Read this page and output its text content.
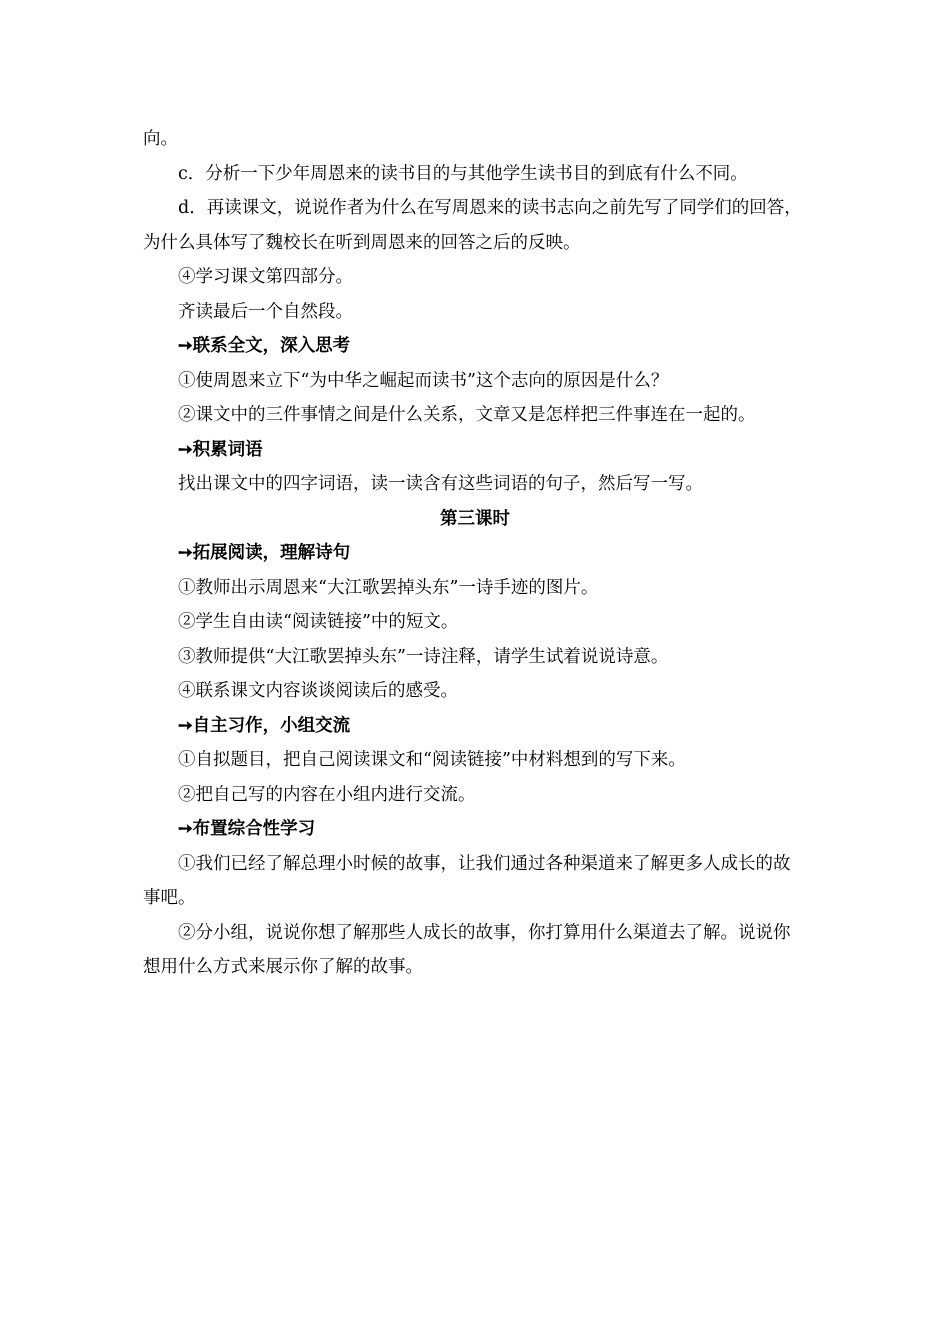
向。

c．分析一下少年周恩来的读书目的与其他学生读书目的到底有什么不同。

d．再读课文，说说作者为什么在写周恩来的读书志向之前先写了同学们的回答，为什么具体写了魏校长在听到周恩来的回答之后的反映。

④学习课文第四部分。

齐读最后一个自然段。

➙联系全文，深入思考

①使周恩来立下“为中华之崛起而读书”这个志向的原因是什么？

②课文中的三件事情之间是什么关系，文章又是怎样把三件事连在一起的。

➙积累词语

找出课文中的四字词语，读一读含有这些词语的句子，然后写一写。

第三课时

➙拓展阅读，理解诗句

①教师出示周恩来“大江歌罢掉头东”一诗手迹的图片。

②学生自由读“阅读链接”中的短文。

③教师提供“大江歌罢掉头东”一诗注释，请学生试着说说诗意。

④联系课文内容谈谈阅读后的感受。

➙自主习作，小组交流

①自拟题目，把自己阅读课文和“阅读链接”中材料想到的写下来。

②把自己写的内容在小组内进行交流。

➙布置综合性学习

①我们已经了解总理小时候的故事，让我们通过各种渠道来了解更多人成长的故事吧。

②分小组，说说你想了解那些人成长的故事，你打算用什么渠道去了解。说说你想用什么方式来展示你了解的故事。
